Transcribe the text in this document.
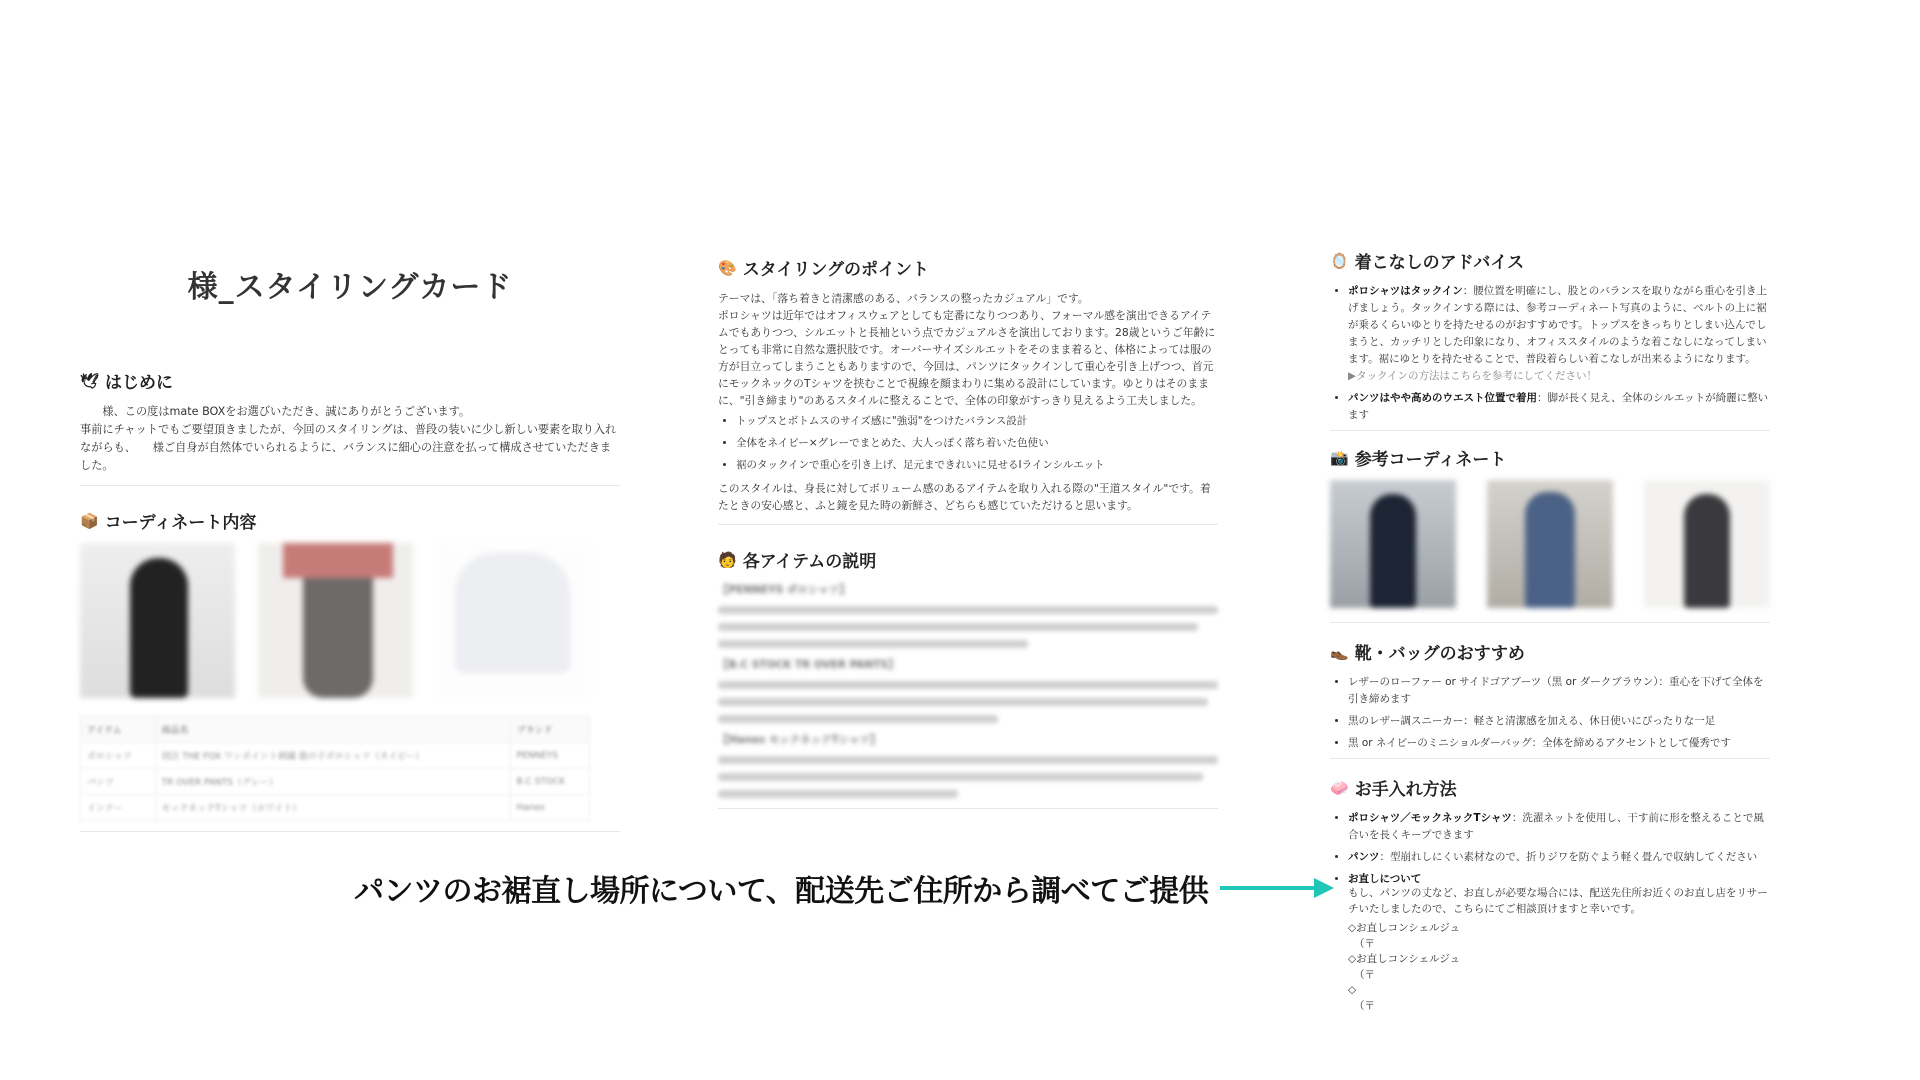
様_スタイリングカード
🕊 はじめに

　　様、この度はmate BOXをお選びいただき、誠にありがとうございます。
事前にチャットでもご要望頂きましたが、今回のスタイリングは、普段の装いに少し新しい要素を取り入れながらも、　　様ご自身が自然体でいられるように、バランスに細心の注意を払って構成させていただきました。

📦 コーディネート内容
アイテム	商品名	ブランド
ポロシャツ	別注 THE FOX ワンポイント刺繍 鹿の子ポロシャツ（ネイビー）	PENNEYS
パンツ	TR OVER PANTS（グレー）	B.C STOCK
インナー	モックネックTシャツ（ホワイト）	Hanes
🎨 スタイリングのポイント

テーマは、「落ち着きと清潔感のある、バランスの整ったカジュアル」です。
ポロシャツは近年ではオフィスウェアとしても定番になりつつあり、フォーマル感を演出できるアイテムでもありつつ、シルエットと長袖という点でカジュアルさを演出しております。28歳というご年齢にとっても非常に自然な選択肢です。オーバーサイズシルエットをそのまま着ると、体格によっては服の方が目立ってしまうこともありますので、今回は、パンツにタックインして重心を引き上げつつ、首元にモックネックのTシャツを挟むことで視線を顔まわりに集める設計にしています。ゆとりはそのままに、"引き締まり"のあるスタイルに整えることで、全体の印象がすっきり見えるよう工夫しました。

• トップスとボトムスのサイズ感に"強弱"をつけたバランス設計
• 全体をネイビー×グレーでまとめた、大人っぽく落ち着いた色使い
• 裾のタックインで重心を引き上げ、足元まできれいに見せるIラインシルエット

このスタイルは、身長に対してボリューム感のあるアイテムを取り入れる際の"王道スタイル"です。着たときの安心感と、ふと鏡を見た時の新鮮さ、どちらも感じていただけると思います。

🧑 各アイテムの説明
【PENNEYS ポロシャツ】
【B.C STOCK TR OVER PANTS】
【Hanes モックネックTシャツ】
🪞 着こなしのアドバイス
• ポロシャツはタックイン：腰位置を明確にし、股とのバランスを取りながら重心を引き上げましょう。タックインする際には、参考コーディネート写真のように、ベルトの上に裾が乗るくらいゆとりを持たせるのがおすすめです。トップスをきっちりとしまい込んでしまうと、カッチリとした印象になり、オフィススタイルのような着こなしになってしまいます。裾にゆとりを持たせることで、普段着らしい着こなしが出来るようになります。
▶タックインの方法はこちらを参考にしてください！
• パンツはやや高めのウエスト位置で着用：脚が長く見え、全体のシルエットが綺麗に整います
📸 参考コーディネート
👞 靴・バッグのおすすめ
• レザーのローファー or サイドゴアブーツ（黒 or ダークブラウン）：重心を下げて全体を引き締めます
• 黒のレザー調スニーカー：軽さと清潔感を加える、休日使いにぴったりな一足
• 黒 or ネイビーのミニショルダーバッグ：全体を締めるアクセントとして優秀です
🧼 お手入れ方法
• ポロシャツ／モックネックTシャツ：洗濯ネットを使用し、干す前に形を整えることで風合いを長くキープできます
• パンツ：型崩れしにくい素材なので、折りジワを防ぐよう軽く畳んで収納してください
• お直しについて

もし、パンツの丈など、お直しが必要な場合には、配送先住所お近くのお直し店をリサーチいたしましたので、こちらにてご相談頂けますと幸いです。

◇お直しコンシェルジュ

（〒

◇お直しコンシェルジュ

（〒

◇

（〒

パンツのお裾直し場所について、配送先ご住所から調べてご提供
